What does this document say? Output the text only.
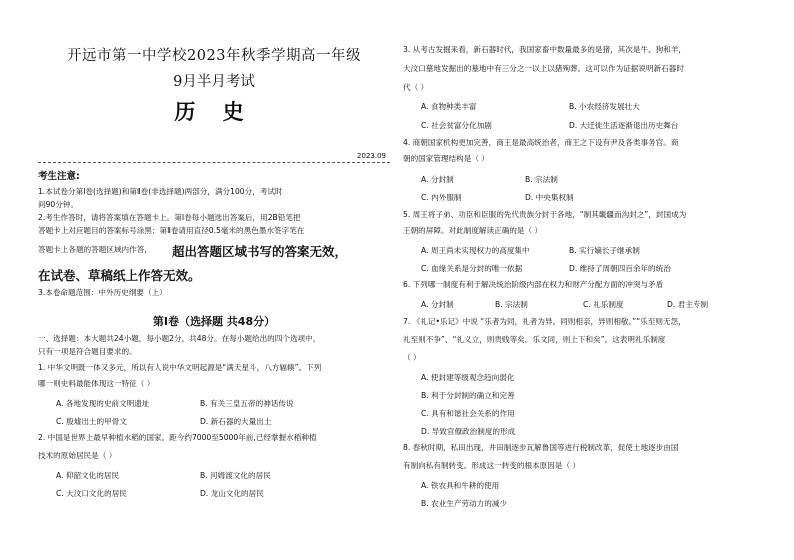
开远市第一中学校2023年秋季学期高一年级
9月半月考试
历 史
2023.09
考生注意:
1.本试卷分第Ⅰ卷(选择题)和第Ⅱ卷(非选择题)两部分，满分100分，考试时
间90分钟。
2.考生作答时，请将答案填在答题卡上。第Ⅰ卷每小题选出答案后，用2B铅笔把
答题卡上对应题目的答案标号涂黑；第Ⅱ卷请用直径0.5毫米的黑色墨水签字笔在
答题卡上各题的答题区域内作答， 超出答题区域书写的答案无效，
在试卷、草稿纸上作答无效。
3.本卷命题范围：中外历史纲要（上）
第Ⅰ卷（选择题 共48分）
一、选择题：本大题共24小题，每小题2分，共48分。在每小题给出的四个选项中，
只有一项是符合题目要求的。
1. 中华文明既一体又多元，所以有人说中华文明起源是“满天星斗，八方辐辏”。下列
哪一则史料最能体现这一特征（ ）
A. 各地发现的史前文明遗址	B. 有关三皇五帝的神话传说
C. 殷墟出土的甲骨文	D. 新石器的大量出土
2. 中国是世界上最早种植水稻的国家。距今约7000至5000年前,已经掌握水稻种植
技术的原始居民是（ ）
A. 仰韶文化的居民	B. 河姆渡文化的居民
C. 大汶口文化的居民	D. 龙山文化的居民
3. 从考古发掘来看，新石器时代，我国家畜中数量最多的是猪，其次是牛、狗和羊，
大汶口墓地发掘出的墓地中有三分之一以上以猪殉葬。这可以作为证据说明新石器时
代（ ）
A. 食物种类丰富	B. 小农经济发展壮大
C. 社会贫富分化加剧	D. 大迁徙生活逐渐退出历史舞台
4. 商朝国家机构更加完善，商王是最高统治者，商王之下设有尹及各类事务官。商
朝的国家管理结构是（ ）
A. 分封制	B. 宗法制
C. 内外服制	D. 中央集权制
5. 周王将子弟、功臣和臣服的先代贵族分封于各地，“制其畿疆而沟封之”，封国成为
王朝的屏障。对此制度解读正确的是（ ）
A. 周王尚未实现权力的高度集中	B. 实行嫡长子继承制
C. 血缘关系是分封的唯一依据	D. 维持了周朝四百余年的统治
6. 下列哪一制度有利于解决统治阶级内部在权力和财产分配方面的冲突与矛盾
A. 分封制	B. 宗法制	C. 礼乐制度	D. 君主专制
7. 《礼记•乐记》中说 “乐者为同，礼者为异。同则相亲，异则相敬。”“乐至则无怨，
礼至则不争”、“礼义立，则贵贱等矣。乐文同，则上下和矣”。这表明礼乐制度
（ ）
A. 使封建等级观念趋向弱化
B. 利于分封制的确立和完善
C. 具有和谐社会关系的作用
D. 导致官僚政治制度的形成
8. 春秋时期，私田出现，井田制逐步瓦解鲁国等进行税制改革，促使土地逐步由国
有制向私有制转变。形成这一转变的根本原因是（ ）
A. 铁农具和牛耕的使用
B. 农业生产劳动力的减少
